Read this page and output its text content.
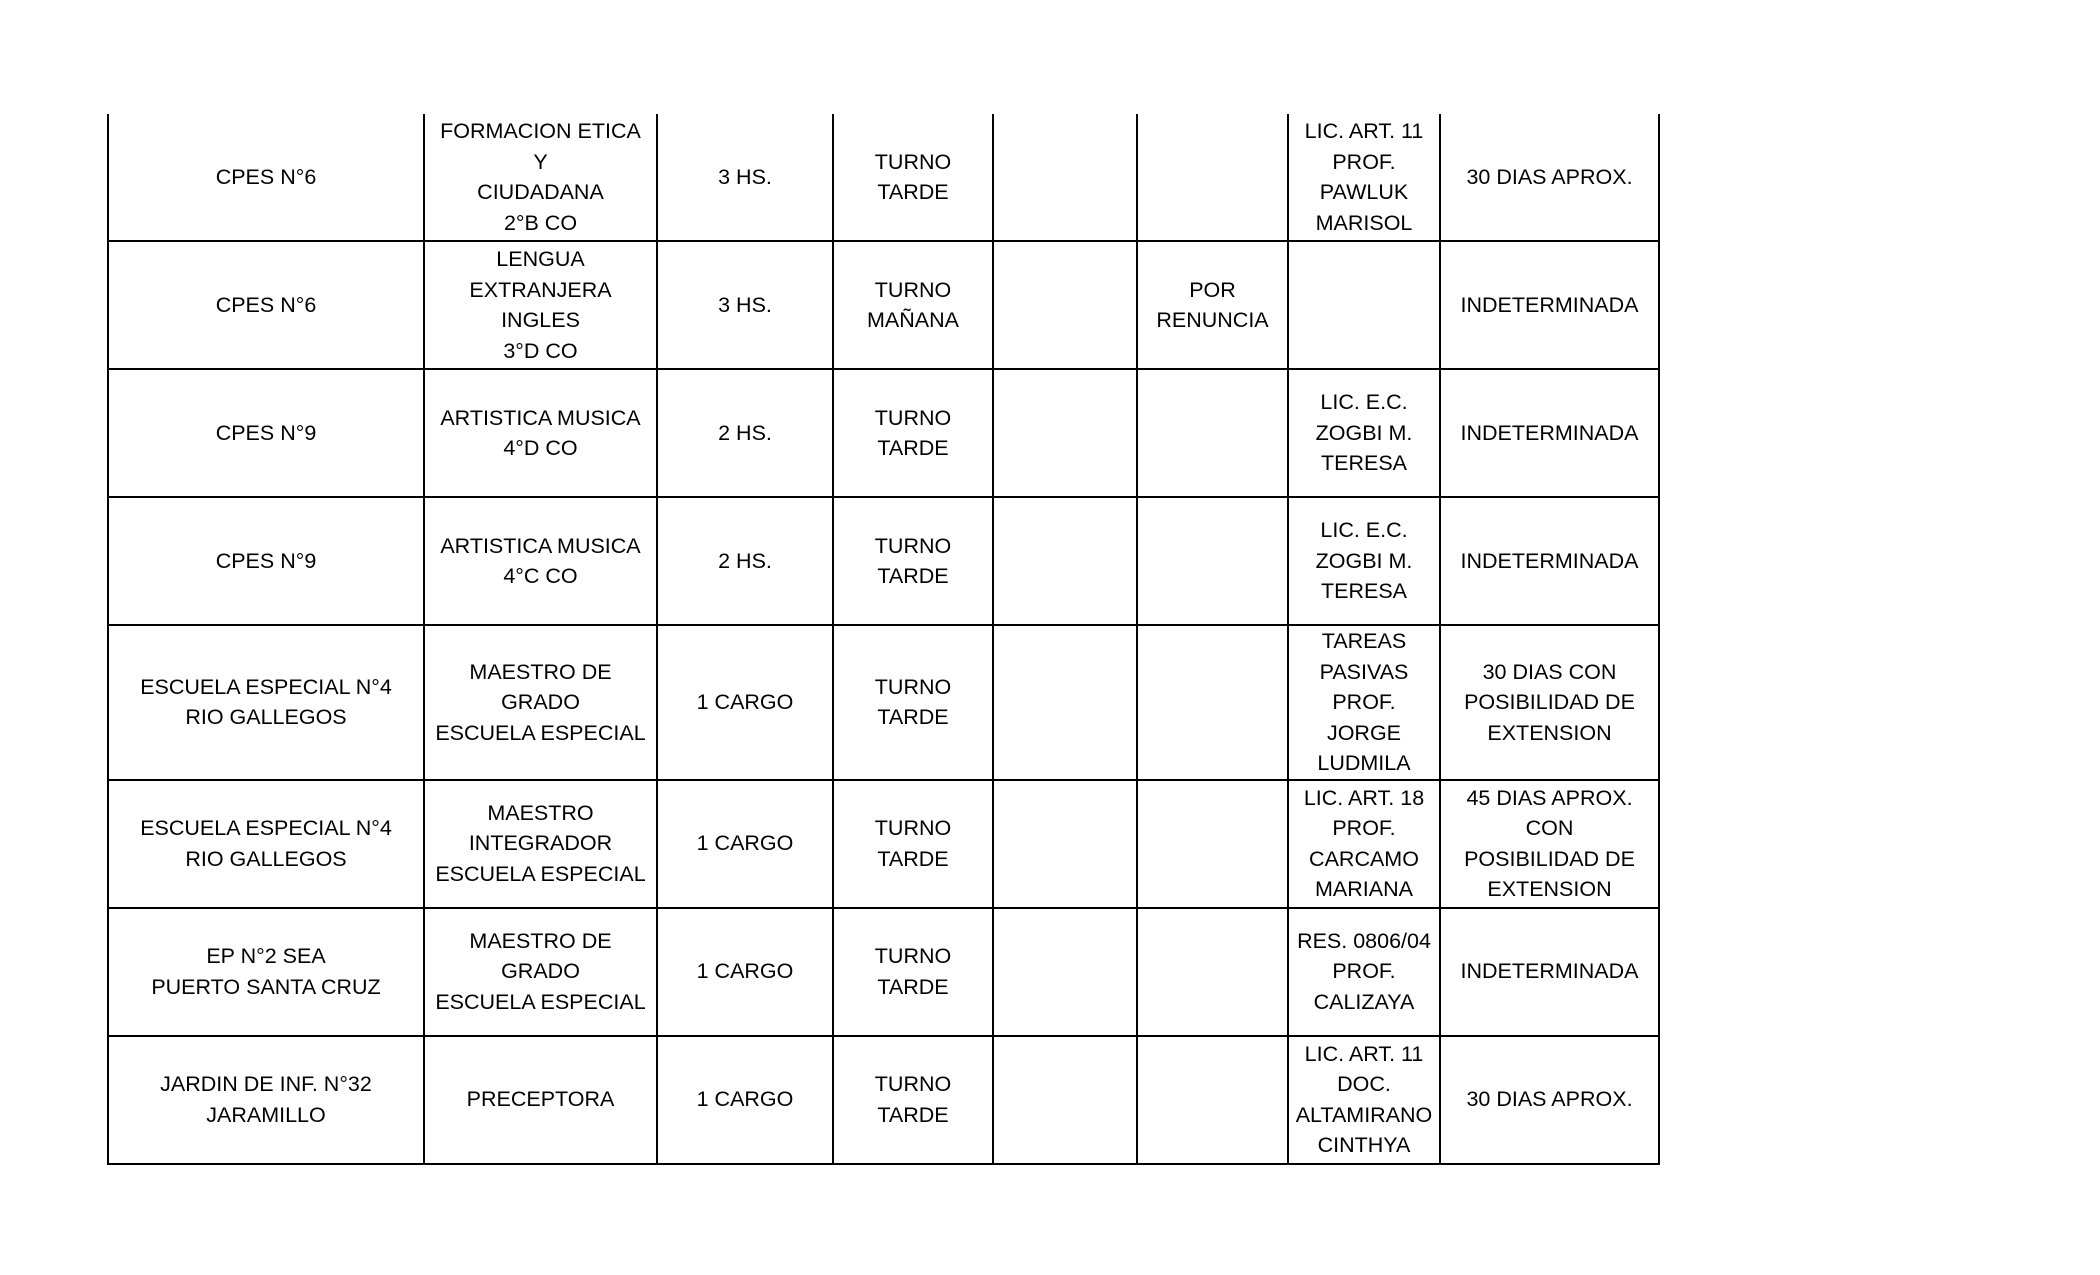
CPES N°6	FORMACION ETICA Y
CIUDADANA
2°B CO	3 HS.	TURNO TARDE			LIC. ART. 11
PROF.
PAWLUK
MARISOL	30 DIAS APROX.
CPES N°6	LENGUA EXTRANJERA
INGLES
3°D CO	3 HS.	TURNO
MAÑANA		POR
RENUNCIA		INDETERMINADA
CPES N°9	ARTISTICA MUSICA
4°D CO	2 HS.	TURNO TARDE			LIC. E.C.
ZOGBI M.
TERESA	INDETERMINADA
CPES N°9	ARTISTICA MUSICA
4°C CO	2 HS.	TURNO TARDE			LIC. E.C.
ZOGBI M.
TERESA	INDETERMINADA
ESCUELA ESPECIAL N°4
RIO GALLEGOS	MAESTRO DE GRADO
ESCUELA ESPECIAL	1 CARGO	TURNO TARDE			TAREAS
PASIVAS
PROF. JORGE
LUDMILA	30 DIAS CON
POSIBILIDAD DE
EXTENSION
ESCUELA ESPECIAL N°4
RIO GALLEGOS	MAESTRO
INTEGRADOR
ESCUELA ESPECIAL	1 CARGO	TURNO TARDE			LIC. ART. 18
PROF.
CARCAMO
MARIANA	45 DIAS APROX. CON
POSIBILIDAD DE
EXTENSION
EP N°2 SEA
PUERTO SANTA CRUZ	MAESTRO DE GRADO
ESCUELA ESPECIAL	1 CARGO	TURNO TARDE			RES. 0806/04
PROF.
CALIZAYA	INDETERMINADA
JARDIN DE INF. N°32
JARAMILLO	PRECEPTORA	1 CARGO	TURNO TARDE			LIC. ART. 11
DOC.
ALTAMIRANO
CINTHYA	30 DIAS APROX.
